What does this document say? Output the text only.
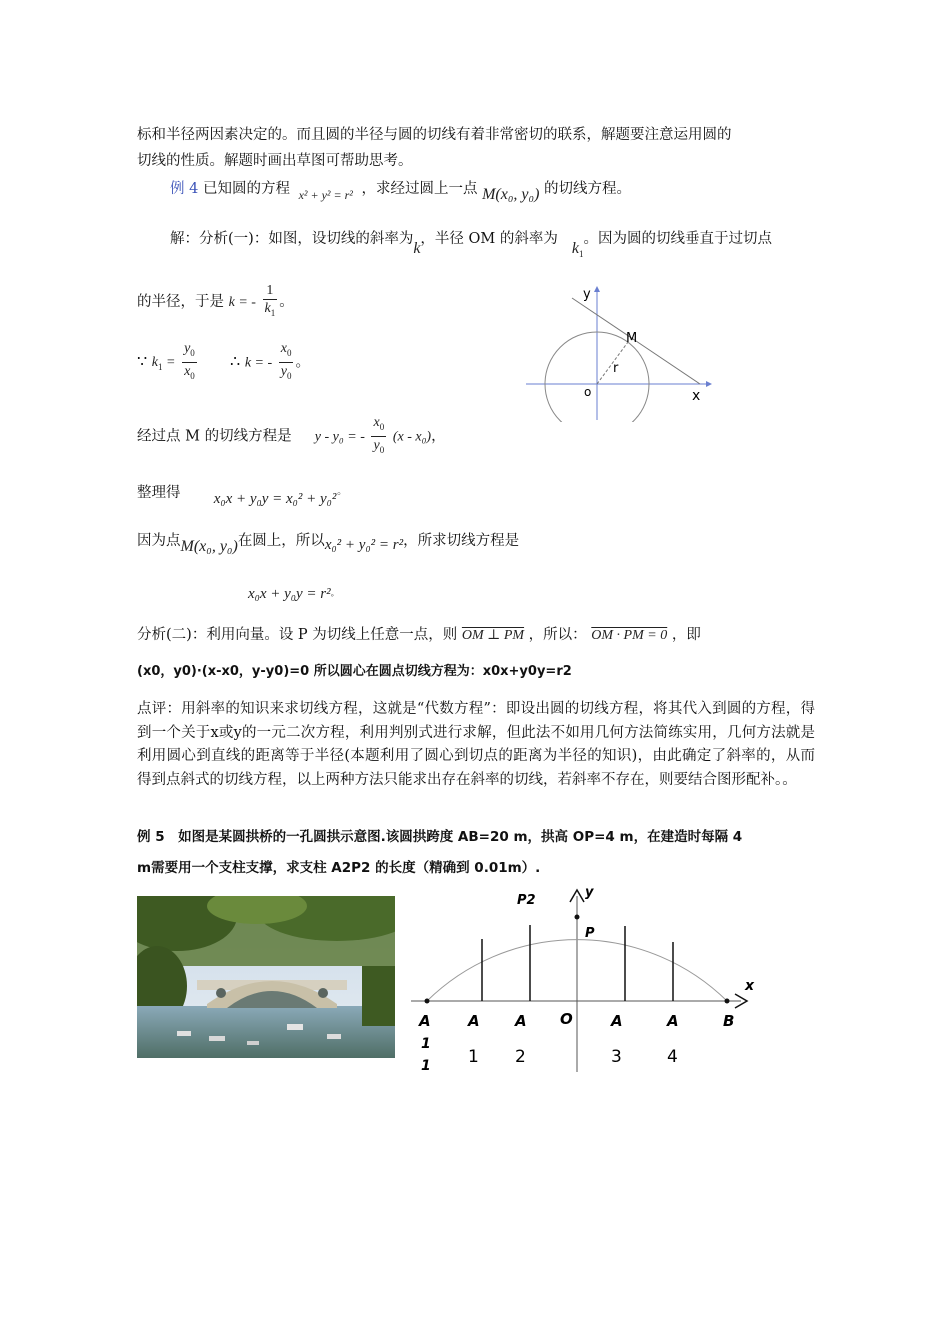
标和半径两因素决定的。而且圆的半径与圆的切线有着非常密切的联系，解题要注意运用圆的
切线的性质。解题时画出草图可帮助思考。
例 4 已知圆的方程 $_{x^2 + y^2 = r^2}$ ，求经过圆上一点 M(x₀, y₀) 的切线方程。
解：分析(一)：如图，设切线的斜率为k，半径 OM 的斜率为$k_1$。因为圆的切线垂直于过切点
的半径，于是 k = - $\frac{1}{k_1}$ 。
∵ $k_1 = \frac{y_0}{x_0}$ ∴ k = - $\frac{x_0}{y_0}$ 。
经过点 M 的切线方程是 y - y₀ = - $\frac{x_0}{y_0} (x - x_0)$，
整理得 x₀x + y₀y = x₀² + y₀²◦
因为点M(x₀, y₀)在圆上，所以x₀² + y₀² = r²，所求切线方程是
x₀x + y₀y = r²◦
分析(二)：利用向量。设 P 为切线上任意一点，则 OM ⊥ PM ，所以： OM · PM = 0 ，即
(x0，y0)·(x-x0，y-y0)=0 所以圆心在圆点切线方程为：x0x+y0y=r2
点评：用斜率的知识来求切线方程，这就是“代数方程”：即设出圆的切线方程，将其代入到圆的方程，得到一个关于x或y的一元二次方程，利用判别式进行求解，但此法不如用几何方法简练实用，几何方法就是利用圆心到直线的距离等于半径(本题利用了圆心到切点的距离为半径的知识)，由此确定了斜率的，从而得到点斜式的切线方程，以上两种方法只能求出存在斜率的切线，若斜率不存在，则要结合图形配补。。
例 5　如图是某圆拱桥的一孔圆拱示意图.该圆拱跨度 AB=20 m，拱高 OP=4 m，在建造时每隔 4
m需要用一个支柱支撑，求支柱 A2P2 的长度（精确到 0.01m）.
y
x
o
M
r
P2
y
P
x
A A A O	A	A	B
1
1 1 2	3	4
